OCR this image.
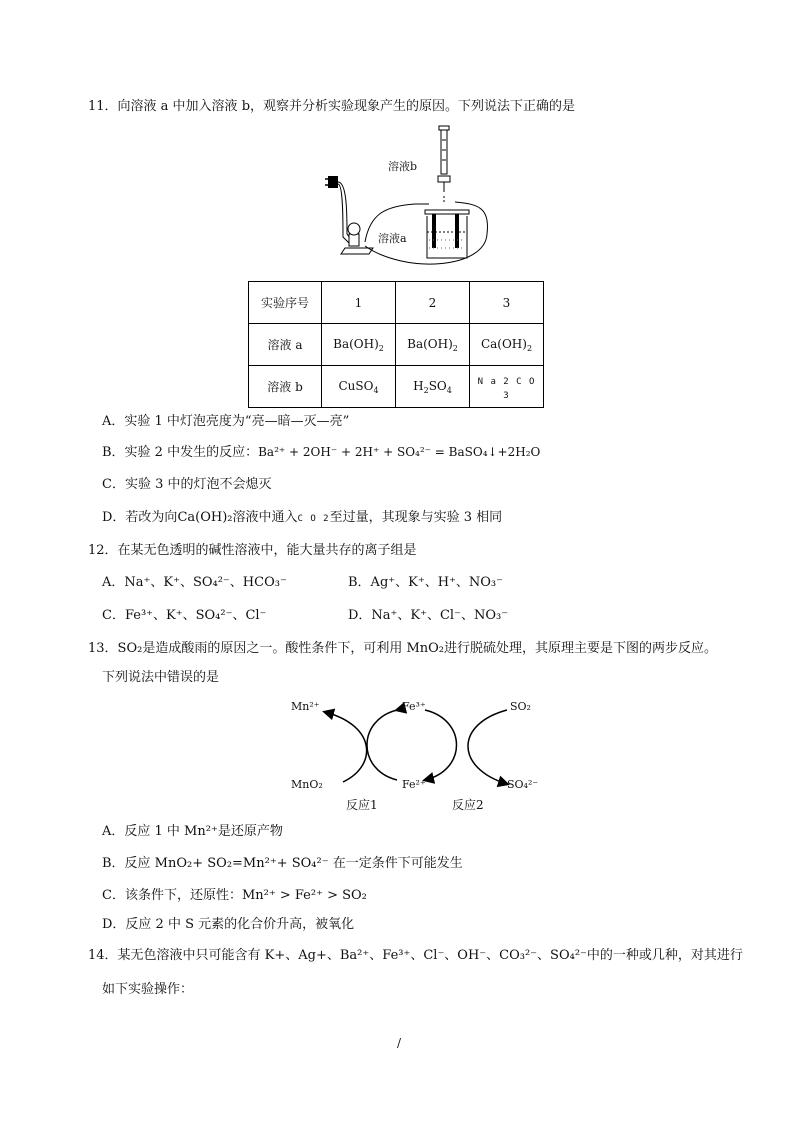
11．向溶液 a 中加入溶液 b，观察并分析实验现象产生的原因。下列说法下正确的是
溶液b
溶液a
实验序号	1	2	3
溶液 a	$Ba(OH)_2$	$Ba(OH)_2$	$Ca(OH)_2$
溶液 b	CuSO$_4$	$H_2SO_4$	N a 2 C O 3
A．实验 1 中灯泡亮度为“亮—暗—灭—亮”
B．实验 2 中发生的反应：Ba²⁺ + 2OH⁻ + 2H⁺ + SO₄²⁻ = BaSO₄↓+2H₂O
C．实验 3 中的灯泡不会熄灭
D．若改为向Ca(OH)₂溶液中通入C O 2至过量，其现象与实验 3 相同
12．在某无色透明的碱性溶液中，能大量共存的离子组是
A．Na⁺、K⁺、SO₄²⁻、HCO₃⁻	B．Ag⁺、K⁺、H⁺、NO₃⁻
C．Fe³⁺、K⁺、SO₄²⁻、Cl⁻	D．Na⁺、K⁺、Cl⁻、NO₃⁻
13．SO₂是造成酸雨的原因之一。酸性条件下，可利用 MnO₂进行脱硫处理，其原理主要是下图的两步反应。
下列说法中错误的是
Mn²⁺	Fe³⁺	SO₂
MnO₂	Fe²⁺	SO₄²⁻
反应1	反应2
A．反应 1 中 Mn²⁺是还原产物
B．反应 MnO₂+ SO₂=Mn²⁺+ SO₄²⁻ 在一定条件下可能发生
C．该条件下，还原性：Mn²⁺ > Fe²⁺ > SO₂
D．反应 2 中 S 元素的化合价升高，被氧化
14．某无色溶液中只可能含有 K+、Ag+、Ba²⁺、Fe³⁺、Cl⁻、OH⁻、CO₃²⁻、SO₄²⁻中的一种或几种，对其进行
如下实验操作：
/
